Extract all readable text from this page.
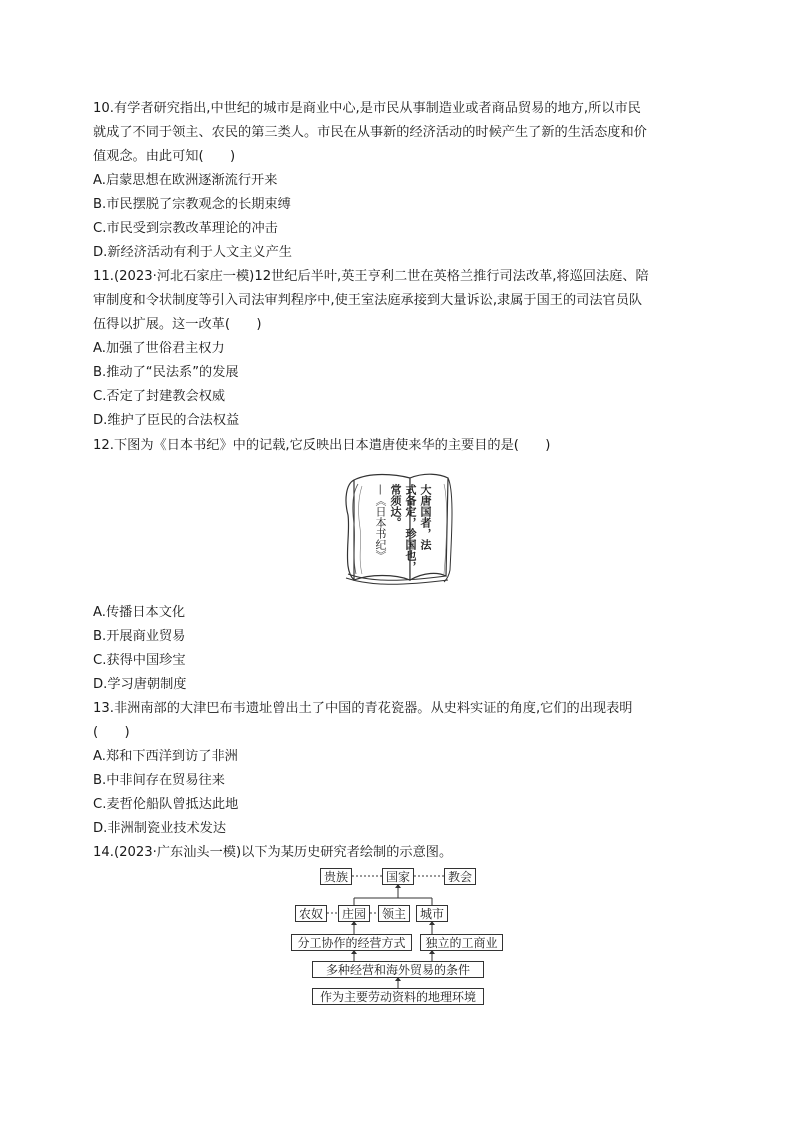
10.有学者研究指出,中世纪的城市是商业中心,是市民从事制造业或者商品贸易的地方,所以市民
就成了不同于领主、农民的第三类人。市民在从事新的经济活动的时候产生了新的生活态度和价
值观念。由此可知(　　)
A.启蒙思想在欧洲逐渐流行开来
B.市民摆脱了宗教观念的长期束缚
C.市民受到宗教改革理论的冲击
D.新经济活动有利于人文主义产生
11.(2023·河北石家庄一模)12世纪后半叶,英王亨利二世在英格兰推行司法改革,将巡回法庭、陪
审制度和令状制度等引入司法审判程序中,使王室法庭承接到大量诉讼,隶属于国王的司法官员队
伍得以扩展。这一改革(　　)
A.加强了世俗君主权力
B.推动了“民法系”的发展
C.否定了封建教会权威
D.维护了臣民的合法权益
12.下图为《日本书纪》中的记载,它反映出日本遣唐使来华的主要目的是(　　)
大唐国者，法
式备定，珍国也，
常须达。
—《日本书纪》
A.传播日本文化
B.开展商业贸易
C.获得中国珍宝
D.学习唐朝制度
13.非洲南部的大津巴布韦遗址曾出土了中国的青花瓷器。从史料实证的角度,它们的出现表明
(　　)
A.郑和下西洋到访了非洲
B.中非间存在贸易往来
C.麦哲伦船队曾抵达此地
D.非洲制瓷业技术发达
14.(2023·广东汕头一模)以下为某历史研究者绘制的示意图。
贵族	国家	教会
农奴	庄园	领主	城市
分工协作的经营方式	独立的工商业
多种经营和海外贸易的条件
作为主要劳动资料的地理环境
